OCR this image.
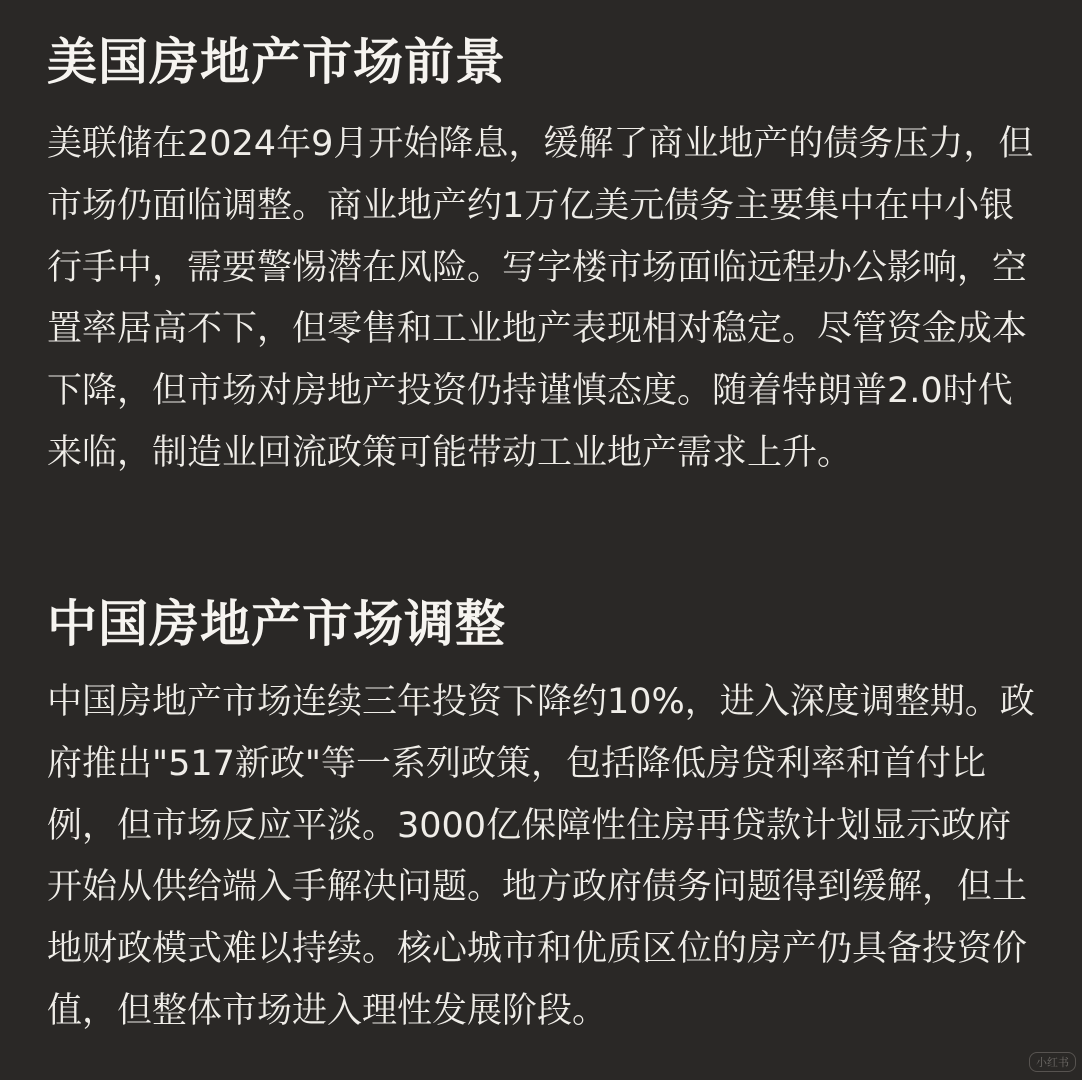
美国房地产市场前景

美联储在2024年9月开始降息，缓解了商业地产的债务压力，但市场仍面临调整。商业地产约1万亿美元债务主要集中在中小银行手中，需要警惕潜在风险。写字楼市场面临远程办公影响，空置率居高不下，但零售和工业地产表现相对稳定。尽管资金成本下降，但市场对房地产投资仍持谨慎态度。随着特朗普2.0时代来临，制造业回流政策可能带动工业地产需求上升。

中国房地产市场调整

中国房地产市场连续三年投资下降约10%，进入深度调整期。政府推出"517新政"等一系列政策，包括降低房贷利率和首付比例，但市场反应平淡。3000亿保障性住房再贷款计划显示政府开始从供给端入手解决问题。地方政府债务问题得到缓解，但土地财政模式难以持续。核心城市和优质区位的房产仍具备投资价值，但整体市场进入理性发展阶段。

小红书
